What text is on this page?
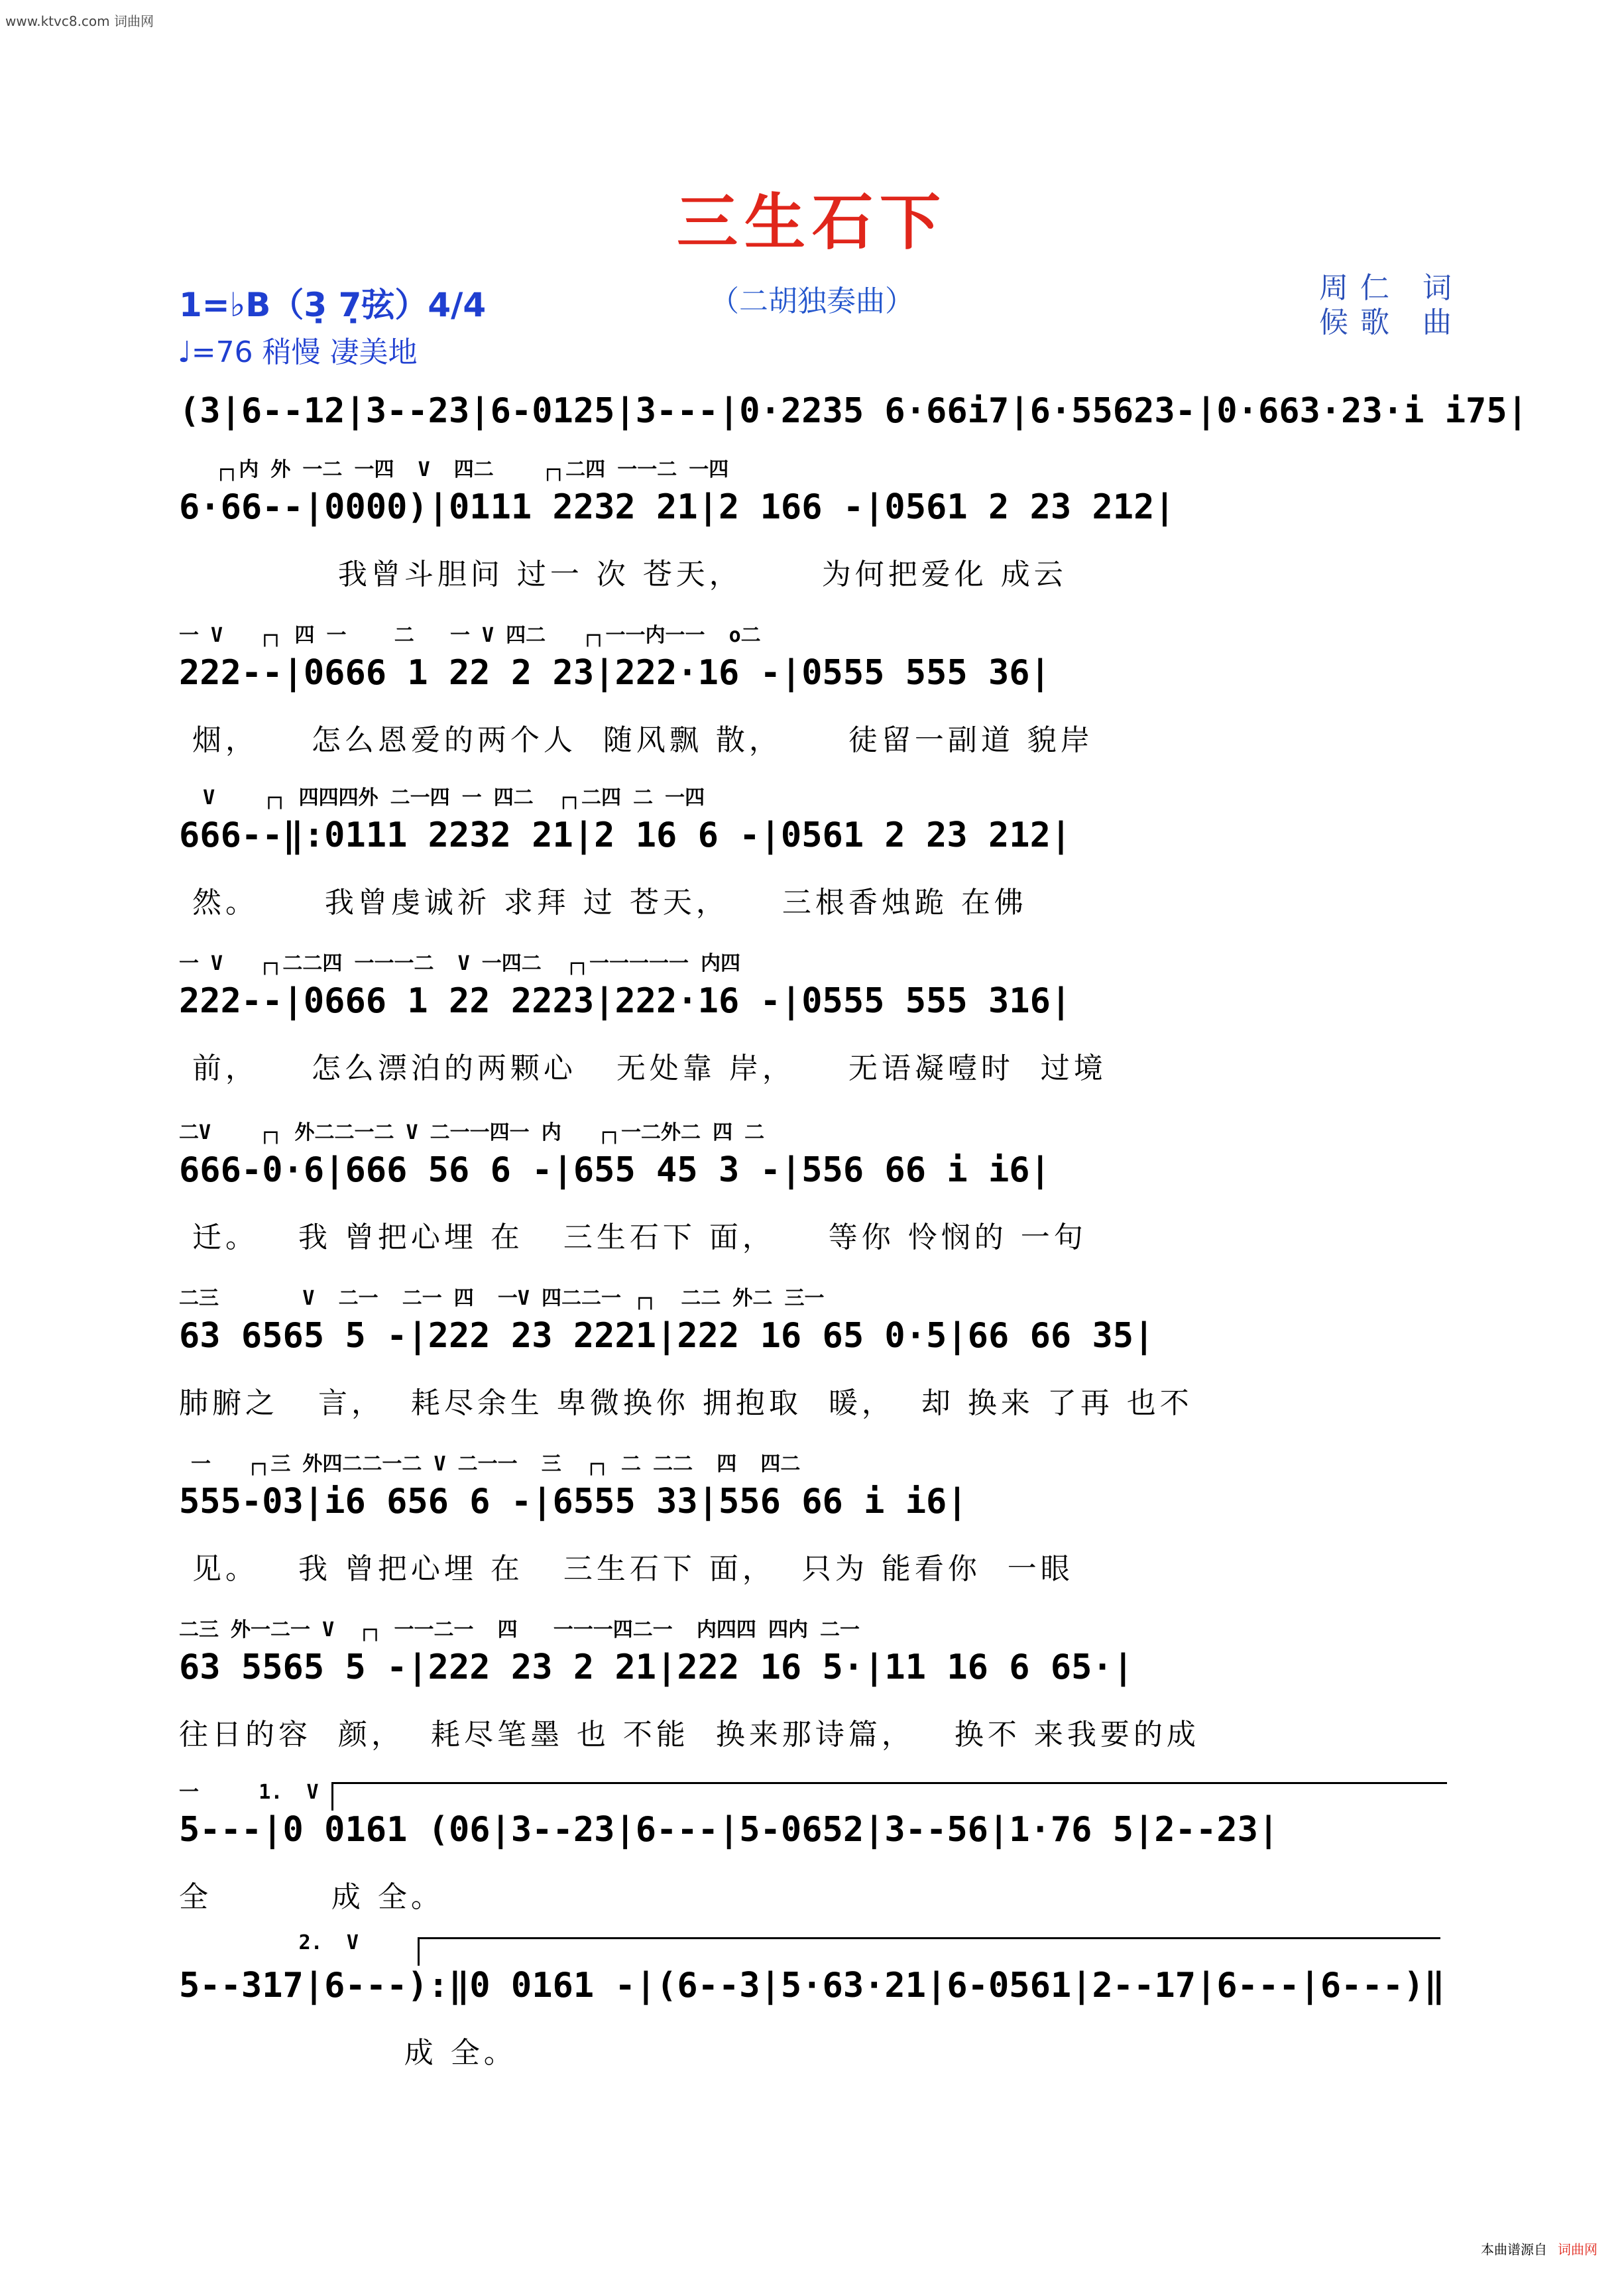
www.ktvc8.com 词曲网
三生石下
1=♭B（3̣ 7̣弦）4/4
♩=76 稍慢 凄美地
（二胡独奏曲）	周仁 词
候歌 曲
(3|6--12|3--23|6-0125|3---|0·2235 6·66i7|6·55623-|0·663·23·i i75|
┌┐内 外 一二 一四  V  四二    ┌┐二四 一一二 一四
6·66--|0000)|0111 2232 21|2 166 -|0561 2 23 212|
我曾斗胆问 过一 次 苍天，      为何把爱化 成云
一 V   ┌┐ 四 一    二   一 V 四二   ┌┐一一内一一  o二
222--|0666 1 22 2 23|222·16 -|0555 555 36|
烟，    怎么恩爱的两个人  随风飘 散，     徒留一副道 貌岸
V    ┌┐ 四四四外 二一四 一 四二  ┌┐二四 二 一四
666--‖:0111 2232 21|2 16 6 -|0561 2 23 212|
然。     我曾虔诚祈 求拜 过 苍天，    三根香烛跪 在佛
一 V   ┌┐二二四 一一一二  V 一四二  ┌┐一一一一一 内四
222--|0666 1 22 2223|222·16 -|0555 555 316|
前，    怎么漂泊的两颗心   无处靠 岸，    无语凝噎时  过境
二V    ┌┐ 外二二一二 V 二一一四一 内   ┌┐一二外二 四 二
666-0·6|666 56 6 -|655 45 3 -|556 66 i i6|
迁。   我 曾把心埋 在   三生石下 面，    等你 怜悯的 一句
二三       V  二一  二一 四  一V 四二二一 ┌┐  二二 外二 三一
63 6565 5 -|222 23 2221|222 16 65 0·5|66 66 35|
肺腑之   言，  耗尽余生 卑微换你 拥抱取  暖，  却 换来 了再 也不
一   ┌┐三 外四二二一二 V 二一一  三  ┌┐ 二 二二  四  四二
555-03|i6 656 6 -|6555 33|556 66 i i6|
见。   我 曾把心埋 在   三生石下 面，  只为 能看你  一眼
二三 外一二一 V  ┌┐ 一一二一  四   一一一四二一  内四四 四内 二一
63 5565 5 -|222 23 2 21|222 16 5·|11 16 6 65·|
往日的容  颜，  耗尽笔墨 也 不能  换来那诗篇，   换不 来我要的成
一     1.  V
5---|0 0161 (06|3--23|6---|5-0652|3--56|1·76 5|2--23|
全         成 全。
2.  V
5--317|6---):‖0 0161 -|(6--3|5·63·21|6-0561|2--17|6---|6---)‖
成 全。
本曲谱源自 词曲网
